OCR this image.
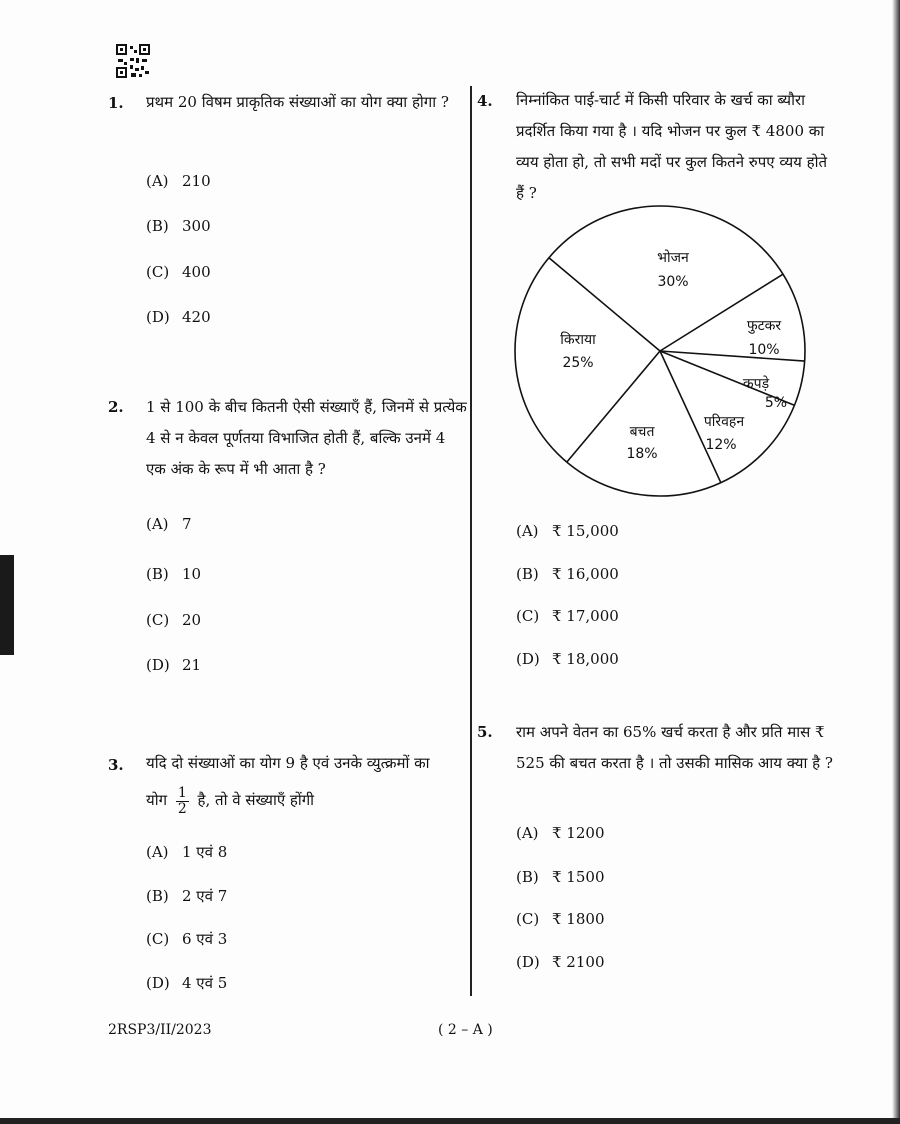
1. प्रथम 20 विषम प्राकृतिक संख्याओं का योग क्या होगा ?
(A) 210
(B) 300
(C) 400
(D) 420
2. 1 से 100 के बीच कितनी ऐसी संख्याएँ हैं, जिनमें से प्रत्येक 4 से न केवल पूर्णतया विभाजित होती हैं, बल्कि उनमें 4 एक अंक के रूप में भी आता है ?
(A) 7
(B) 10
(C) 20
(D) 21
3. यदि दो संख्याओं का योग 9 है एवं उनके व्युत्क्रमों का
योग $\frac{1}{2}$ है, तो वे संख्याएँ होंगी
(A) 1 एवं 8
(B) 2 एवं 7
(C) 6 एवं 3
(D) 4 एवं 5
4. निम्नांकित पाई-चार्ट में किसी परिवार के खर्च का ब्यौरा प्रदर्शित किया गया है । यदि भोजन पर कुल ₹ 4800 का व्यय होता हो, तो सभी मदों पर कुल कितने रुपए व्यय होते हैं ?
भोजन
30%
फुटकर
10%
कपड़े
5%
परिवहन
12%
बचत
18%
किराया
25%
(A) ₹ 15,000
(B) ₹ 16,000
(C) ₹ 17,000
(D) ₹ 18,000
5. राम अपने वेतन का 65% खर्च करता है और प्रति मास ₹ 525 की बचत करता है । तो उसकी मासिक आय क्या है ?
(A) ₹ 1200
(B) ₹ 1500
(C) ₹ 1800
(D) ₹ 2100
2RSP3/II/2023	( 2 – A )
